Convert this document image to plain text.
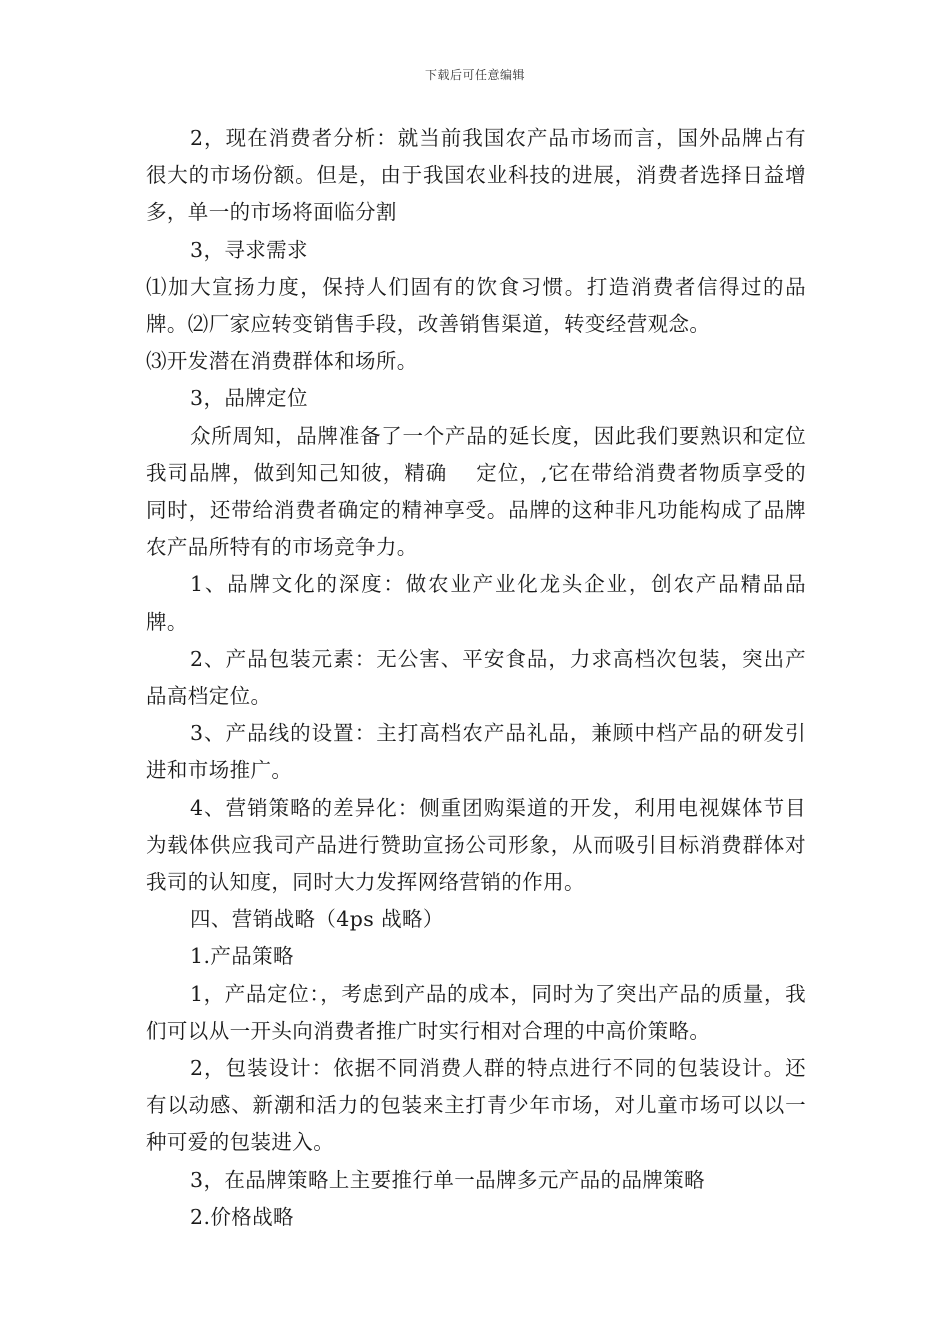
下载后可任意编辑

2，现在消费者分析：就当前我国农产品市场而言，国外品牌占有很大的市场份额。但是，由于我国农业科技的进展，消费者选择日益增多，单一的市场将面临分割

3，寻求需求

⑴加大宣扬力度，保持人们固有的饮食习惯。打造消费者信得过的品牌。⑵厂家应转变销售手段，改善销售渠道，转变经营观念。

⑶开发潜在消费群体和场所。

3，品牌定位

众所周知，品牌准备了一个产品的延长度，因此我们要熟识和定位我司品牌，做到知己知彼，精确　 定位，,它在带给消费者物质享受的同时，还带给消费者确定的精神享受。品牌的这种非凡功能构成了品牌农产品所特有的市场竞争力。

1、品牌文化的深度：做农业产业化龙头企业，创农产品精品品牌。

2、产品包装元素：无公害、平安食品，力求高档次包装，突出产品高档定位。

3、产品线的设置：主打高档农产品礼品，兼顾中档产品的研发引进和市场推广。

4、营销策略的差异化：侧重团购渠道的开发，利用电视媒体节目为载体供应我司产品进行赞助宣扬公司形象，从而吸引目标消费群体对我司的认知度，同时大力发挥网络营销的作用。

四、营销战略（4ps 战略）

1.产品策略

1，产品定位：，考虑到产品的成本，同时为了突出产品的质量，我们可以从一开头向消费者推广时实行相对合理的中高价策略。

2，包装设计：依据不同消费人群的特点进行不同的包装设计。还有以动感、新潮和活力的包装来主打青少年市场，对儿童市场可以以一种可爱的包装进入。

3，在品牌策略上主要推行单一品牌多元产品的品牌策略

2.价格战略
